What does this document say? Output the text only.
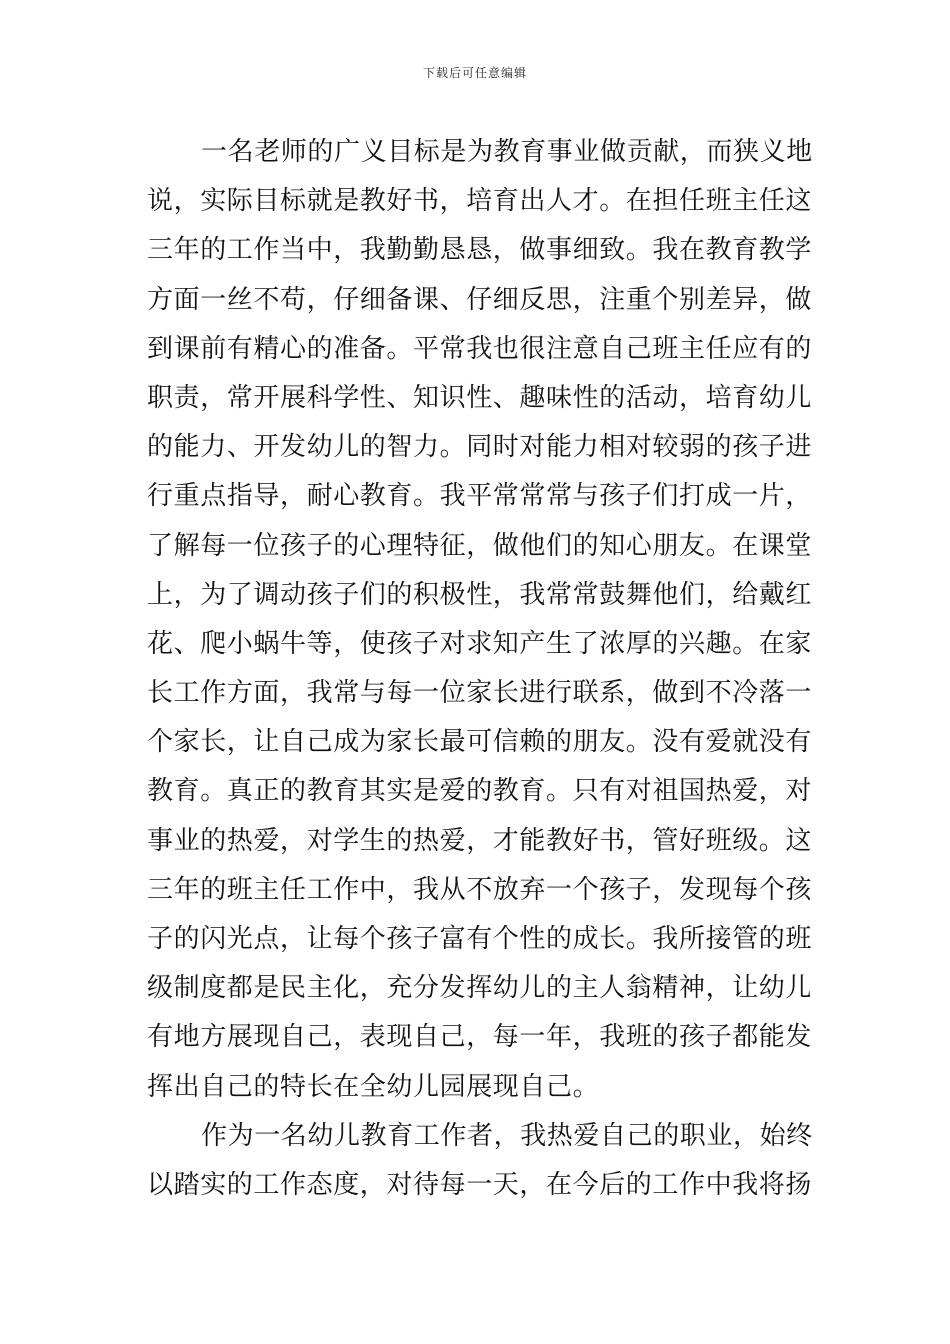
下载后可任意编辑
一名老师的广义目标是为教育事业做贡献，而狭义地
说，实际目标就是教好书，培育出人才。在担任班主任这
三年的工作当中，我勤勤恳恳，做事细致。我在教育教学
方面一丝不苟，仔细备课、仔细反思，注重个别差异，做
到课前有精心的准备。平常我也很注意自己班主任应有的
职责，常开展科学性、知识性、趣味性的活动，培育幼儿
的能力、开发幼儿的智力。同时对能力相对较弱的孩子进
行重点指导，耐心教育。我平常常常与孩子们打成一片，
了解每一位孩子的心理特征，做他们的知心朋友。在课堂
上，为了调动孩子们的积极性，我常常鼓舞他们，给戴红
花、爬小蜗牛等，使孩子对求知产生了浓厚的兴趣。在家
长工作方面，我常与每一位家长进行联系，做到不冷落一
个家长，让自己成为家长最可信赖的朋友。没有爱就没有
教育。真正的教育其实是爱的教育。只有对祖国热爱，对
事业的热爱，对学生的热爱，才能教好书，管好班级。这
三年的班主任工作中，我从不放弃一个孩子，发现每个孩
子的闪光点，让每个孩子富有个性的成长。我所接管的班
级制度都是民主化，充分发挥幼儿的主人翁精神，让幼儿
有地方展现自己，表现自己，每一年，我班的孩子都能发
挥出自己的特长在全幼儿园展现自己。
作为一名幼儿教育工作者，我热爱自己的职业，始终
以踏实的工作态度，对待每一天，在今后的工作中我将扬
